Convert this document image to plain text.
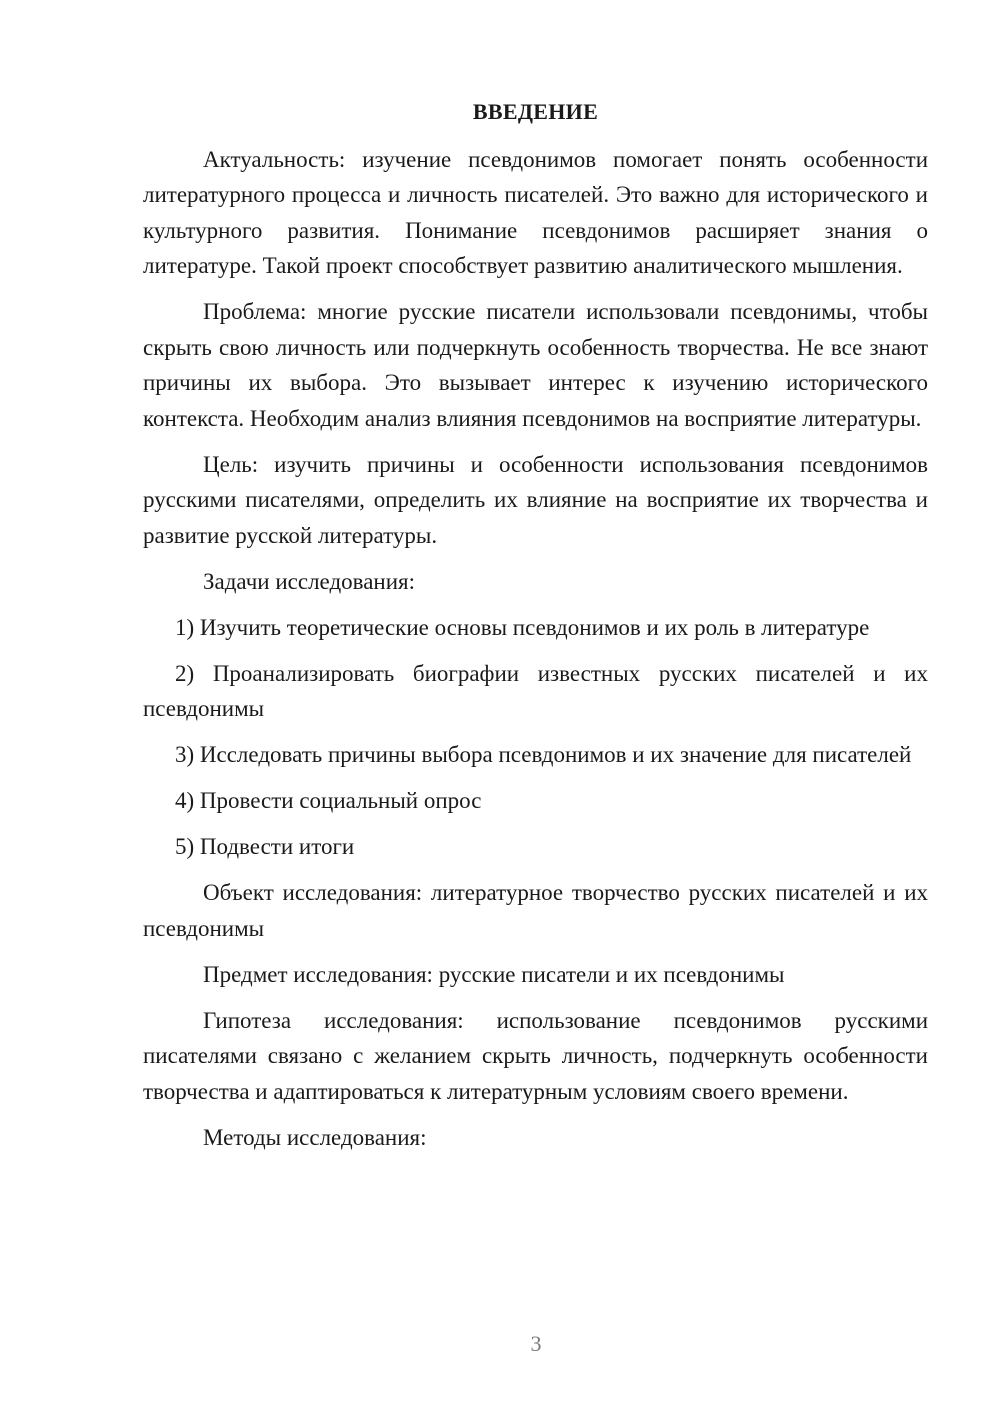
ВВЕДЕНИЕ

Актуальность: изучение псевдонимов помогает понять особенности литературного процесса и личность писателей. Это важно для исторического и культурного развития. Понимание псевдонимов расширяет знания о литературе. Такой проект способствует развитию аналитического мышления.

Проблема: многие русские писатели использовали псевдонимы, чтобы скрыть свою личность или подчеркнуть особенность творчества. Не все знают причины их выбора. Это вызывает интерес к изучению исторического контекста. Необходим анализ влияния псевдонимов на восприятие литературы.

Цель: изучить причины и особенности использования псевдонимов русскими писателями, определить их влияние на восприятие их творчества и развитие русской литературы.

Задачи исследования:

1) Изучить теоретические основы псевдонимов и их роль в литературе

2) Проанализировать биографии известных русских писателей и их псевдонимы

3) Исследовать причины выбора псевдонимов и их значение для писателей

4) Провести социальный опрос

5) Подвести итоги

Объект исследования: литературное творчество русских писателей и их псевдонимы

Предмет исследования: русские писатели и их псевдонимы

Гипотеза исследования: использование псевдонимов русскими писателями связано с желанием скрыть личность, подчеркнуть особенности творчества и адаптироваться к литературным условиям своего времени.

Методы исследования:

3
